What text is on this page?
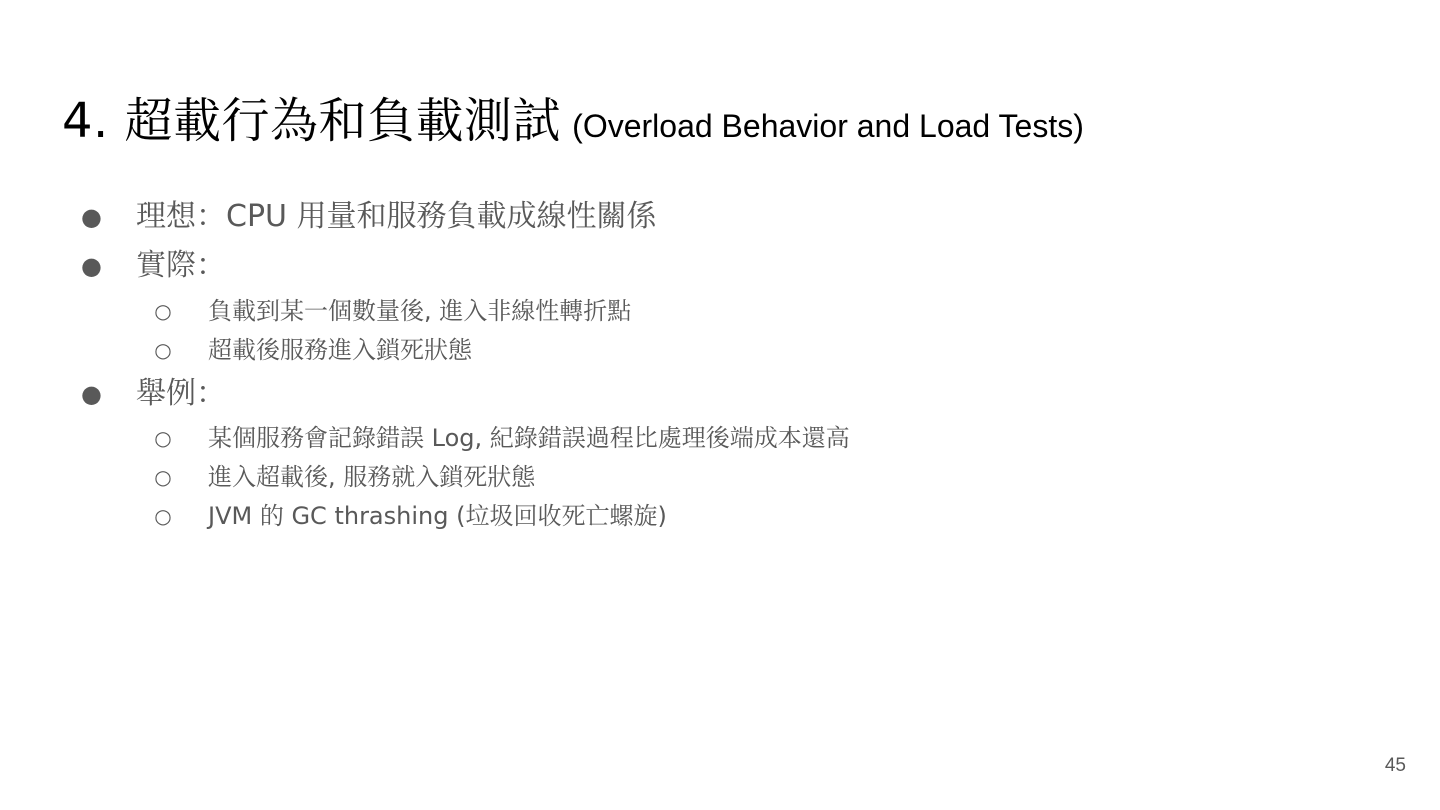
4. 超載行為和負載測試 (Overload Behavior and Load Tests)
● 理想：CPU 用量和服務負載成線性關係
● 實際：
○ 負載到某一個數量後, 進入非線性轉折點
○ 超載後服務進入鎖死狀態
● 舉例：
○ 某個服務會記錄錯誤 Log, 紀錄錯誤過程比處理後端成本還高
○ 進入超載後, 服務就入鎖死狀態
○ JVM 的 GC thrashing (垃圾回收死亡螺旋)
45
